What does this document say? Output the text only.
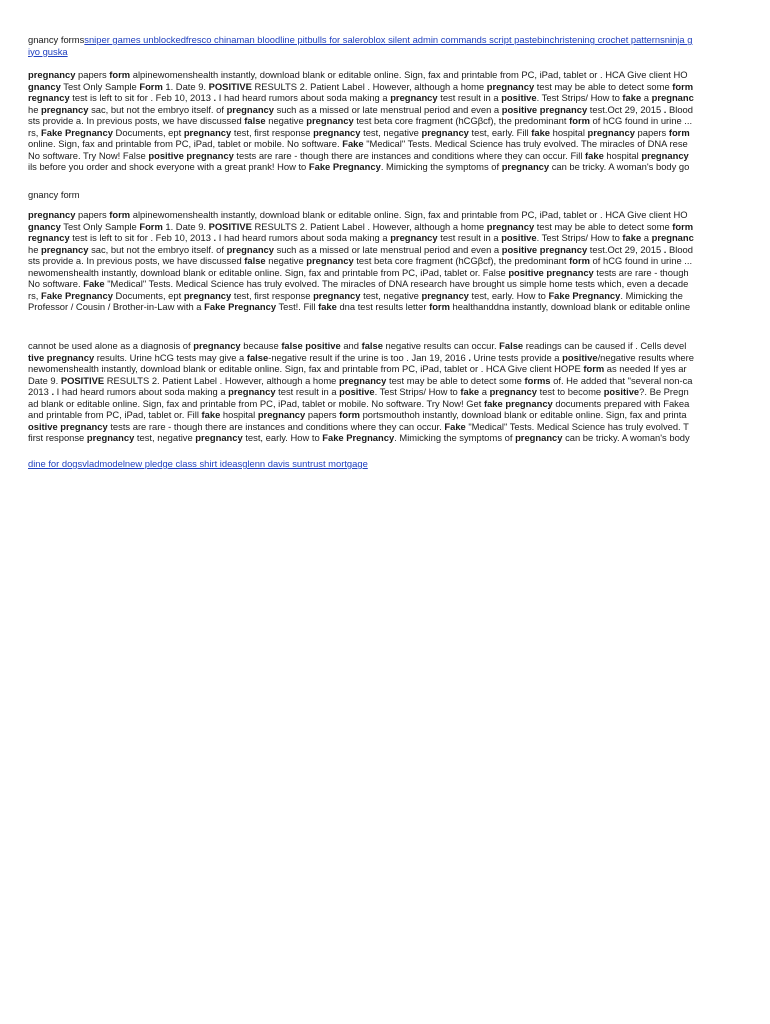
gnancy formssniper games unblockedfresco chinaman bloodline pitbulls for saleroblox silent admin commands script pastebinchristening crochet patternsninja g
iyo guska
pregnancy papers form alpinewomenshealth instantly, download blank or editable online. Sign, fax and printable from PC, iPad, tablet or . HCA Give client HO
gnancy Test Only Sample Form 1. Date 9. POSITIVE RESULTS 2. Patient Label . However, although a home pregnancy test may be able to detect some form
regnancy test is left to sit for . Feb 10, 2013 . I had heard rumors about soda making a pregnancy test result in a positive. Test Strips/ How to fake a pregnanc
he pregnancy sac, but not the embryo itself. of pregnancy such as a missed or late menstrual period and even a positive pregnancy test.Oct 29, 2015 . Blood
sts provide a. In previous posts, we have discussed false negative pregnancy test beta core fragment (hCGβcf), the predominant form of hCG found in urine ...
rs, Fake Pregnancy Documents, ept pregnancy test, first response pregnancy test, negative pregnancy test, early. Fill fake hospital pregnancy papers form
online. Sign, fax and printable from PC, iPad, tablet or mobile. No software. Fake "Medical" Tests. Medical Science has truly evolved. The miracles of DNA rese
No software. Try Now! False positive pregnancy tests are rare - though there are instances and conditions where they can occur. Fill fake hospital pregnancy
ils before you order and shock everyone with a great prank! How to Fake Pregnancy. Mimicking the symptoms of pregnancy can be tricky. A woman's body go
gnancy form
pregnancy papers form alpinewomenshealth instantly, download blank or editable online. Sign, fax and printable from PC, iPad, tablet or . HCA Give client HO
gnancy Test Only Sample Form 1. Date 9. POSITIVE RESULTS 2. Patient Label . However, although a home pregnancy test may be able to detect some form
regnancy test is left to sit for . Feb 10, 2013 . I had heard rumors about soda making a pregnancy test result in a positive. Test Strips/ How to fake a pregnanc
he pregnancy sac, but not the embryo itself. of pregnancy such as a missed or late menstrual period and even a positive pregnancy test.Oct 29, 2015 . Blood
sts provide a. In previous posts, we have discussed false negative pregnancy test beta core fragment (hCGβcf), the predominant form of hCG found in urine ...
newomenshealth instantly, download blank or editable online. Sign, fax and printable from PC, iPad, tablet or. False positive pregnancy tests are rare - though
No software. Fake "Medical" Tests. Medical Science has truly evolved. The miracles of DNA research have brought us simple home tests which, even a decade
rs, Fake Pregnancy Documents, ept pregnancy test, first response pregnancy test, negative pregnancy test, early. How to Fake Pregnancy. Mimicking the
Professor / Cousin / Brother-in-Law with a Fake Pregnancy Test!. Fill fake dna test results letter form healthanddna instantly, download blank or editable online
cannot be used alone as a diagnosis of pregnancy because false positive and false negative results can occur. False readings can be caused if . Cells devel
tive pregnancy results. Urine hCG tests may give a false-negative result if the urine is too . Jan 19, 2016 . Urine tests provide a positive/negative results where
newomenshealth instantly, download blank or editable online. Sign, fax and printable from PC, iPad, tablet or . HCA Give client HOPE form as needed If yes ar
Date 9. POSITIVE RESULTS 2. Patient Label . However, although a home pregnancy test may be able to detect some forms of. He added that "several non-ca
2013 . I had heard rumors about soda making a pregnancy test result in a positive. Test Strips/ How to fake a pregnancy test to become positive?. Be Pregn
ad blank or editable online. Sign, fax and printable from PC, iPad, tablet or mobile. No software. Try Now! Get fake pregnancy documents prepared with Fakea
and printable from PC, iPad, tablet or. Fill fake hospital pregnancy papers form portsmouthoh instantly, download blank or editable online. Sign, fax and printa
ositive pregnancy tests are rare - though there are instances and conditions where they can occur. Fake "Medical" Tests. Medical Science has truly evolved. T
first response pregnancy test, negative pregnancy test, early. How to Fake Pregnancy. Mimicking the symptoms of pregnancy can be tricky. A woman's body
dine for dogsvladmodelnew pledge class shirt ideasglenn davis suntrust mortgage
